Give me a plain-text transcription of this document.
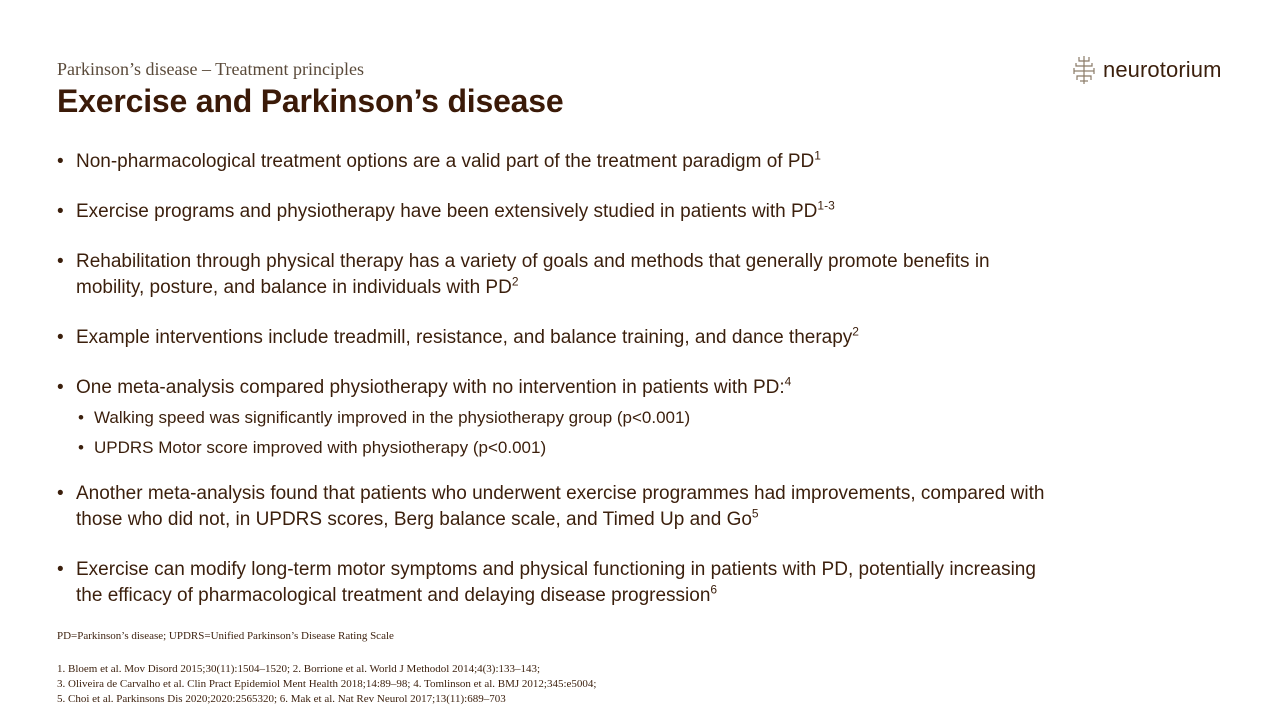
Parkinson’s disease – Treatment principles
Exercise and Parkinson’s disease
neurotorium
• Non-pharmacological treatment options are a valid part of the treatment paradigm of $PD^1$
• Exercise programs and physiotherapy have been extensively studied in patients with PD$^{1-3}$
• Rehabilitation through physical therapy has a variety of goals and methods that generally promote benefits in mobility, posture, and balance in individuals with $PD^2$
• Example interventions include treadmill, resistance, and balance training, and dance therapy$^2$
• One meta-analysis compared physiotherapy with no intervention in patients with PD:$^4$
• Walking speed was significantly improved in the physiotherapy group (p<0.001)
• UPDRS Motor score improved with physiotherapy (p<0.001)
• Another meta-analysis found that patients who underwent exercise programmes had improvements, compared with those who did not, in UPDRS scores, Berg balance scale, and Timed Up and Go$^5$
• Exercise can modify long-term motor symptoms and physical functioning in patients with PD, potentially increasing the efficacy of pharmacological treatment and delaying disease progression$^6$
PD=Parkinson’s disease; UPDRS=Unified Parkinson’s Disease Rating Scale
1. Bloem et al. Mov Disord 2015;30(11):1504–1520; 2. Borrione et al. World J Methodol 2014;4(3):133–143;
3. Oliveira de Carvalho et al. Clin Pract Epidemiol Ment Health 2018;14:89–98; 4. Tomlinson et al. BMJ 2012;345:e5004;
5. Choi et al. Parkinsons Dis 2020;2020:2565320; 6. Mak et al. Nat Rev Neurol 2017;13(11):689–703
